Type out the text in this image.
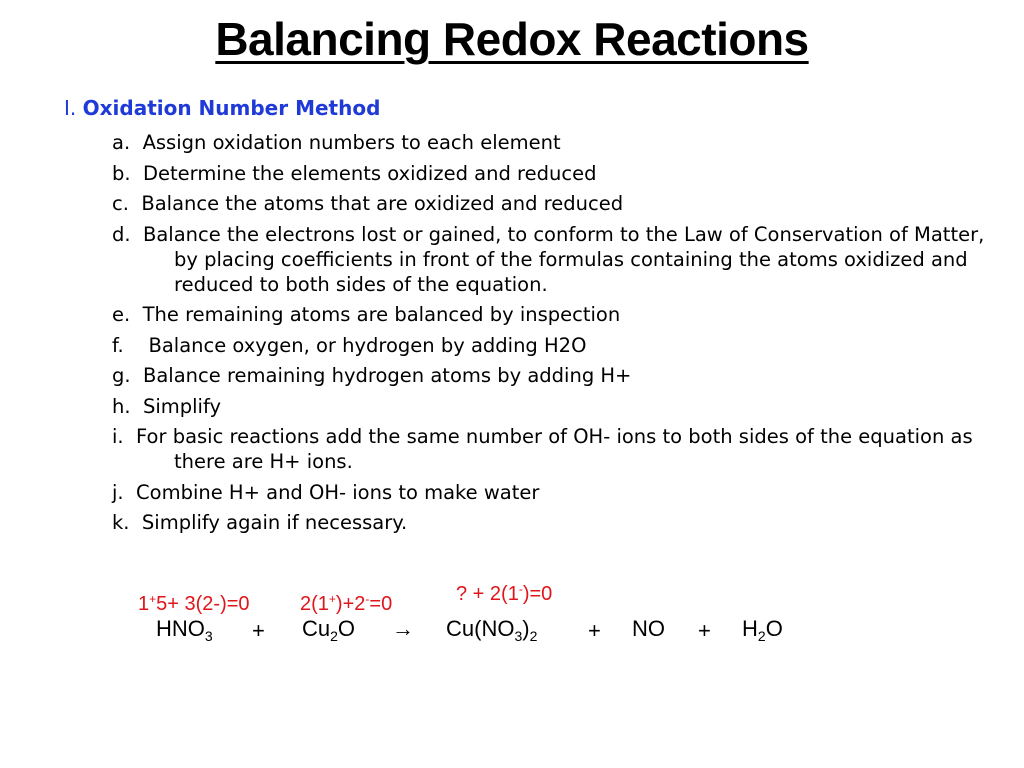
Balancing Redox Reactions
I. Oxidation Number Method
a. Assign oxidation numbers to each element
b. Determine the elements oxidized and reduced
c. Balance the atoms that are oxidized and reduced
d. Balance the electrons lost or gained, to conform to the Law of Conservation of Matter, by placing coefficients in front of the formulas containing the atoms oxidized and reduced to both sides of the equation.
e. The remaining atoms are balanced by inspection
f. Balance oxygen, or hydrogen by adding H2O
g. Balance remaining hydrogen atoms by adding H+
h. Simplify
i. For basic reactions add the same number of OH- ions to both sides of the equation as there are H+ ions.
j. Combine H+ and OH- ions to make water
k. Simplify again if necessary.
1+5+ 3(2-)=0	2(1+)+2-=0	? + 2(1-)=0
$HNO_3 + Cu_2O \to Cu(NO_3)_2$ + NO + $H_2O$
